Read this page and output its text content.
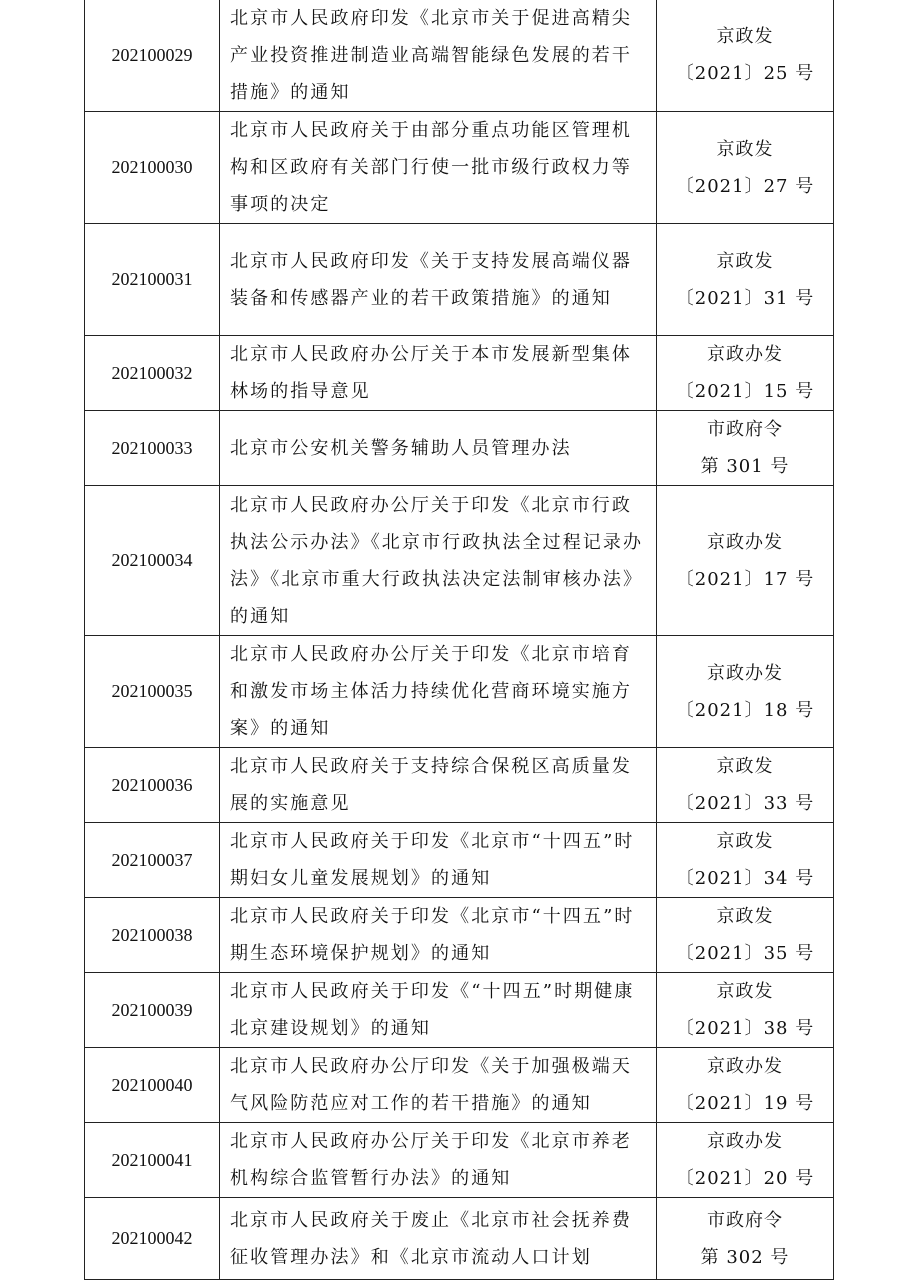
202100029	北京市人民政府印发《北京市关于促进高精尖产业投资推进制造业高端智能绿色发展的若干措施》的通知	京政发
〔2021〕25 号

202100030	北京市人民政府关于由部分重点功能区管理机构和区政府有关部门行使一批市级行政权力等事项的决定	京政发
〔2021〕27 号

202100031	北京市人民政府印发《关于支持发展高端仪器装备和传感器产业的若干政策措施》的通知	京政发
〔2021〕31 号

202100032	北京市人民政府办公厅关于本市发展新型集体林场的指导意见	京政办发
〔2021〕15 号

202100033	北京市公安机关警务辅助人员管理办法	市政府令
第 301 号

202100034	北京市人民政府办公厅关于印发《北京市行政执法公示办法》《北京市行政执法全过程记录办法》《北京市重大行政执法决定法制审核办法》的通知	京政办发
〔2021〕17 号

202100035	北京市人民政府办公厅关于印发《北京市培育和激发市场主体活力持续优化营商环境实施方案》的通知	京政办发
〔2021〕18 号

202100036	北京市人民政府关于支持综合保税区高质量发展的实施意见	京政发
〔2021〕33 号

202100037	北京市人民政府关于印发《北京市“十四五”时期妇女儿童发展规划》的通知	京政发
〔2021〕34 号

202100038	北京市人民政府关于印发《北京市“十四五”时期生态环境保护规划》的通知	京政发
〔2021〕35 号

202100039	北京市人民政府关于印发《“十四五”时期健康北京建设规划》的通知	京政发
〔2021〕38 号

202100040	北京市人民政府办公厅印发《关于加强极端天气风险防范应对工作的若干措施》的通知	京政办发
〔2021〕19 号

202100041	北京市人民政府办公厅关于印发《北京市养老机构综合监管暂行办法》的通知	京政办发
〔2021〕20 号

202100042	北京市人民政府关于废止《北京市社会抚养费征收管理办法》和《北京市流动人口计划	市政府令
第 302 号
